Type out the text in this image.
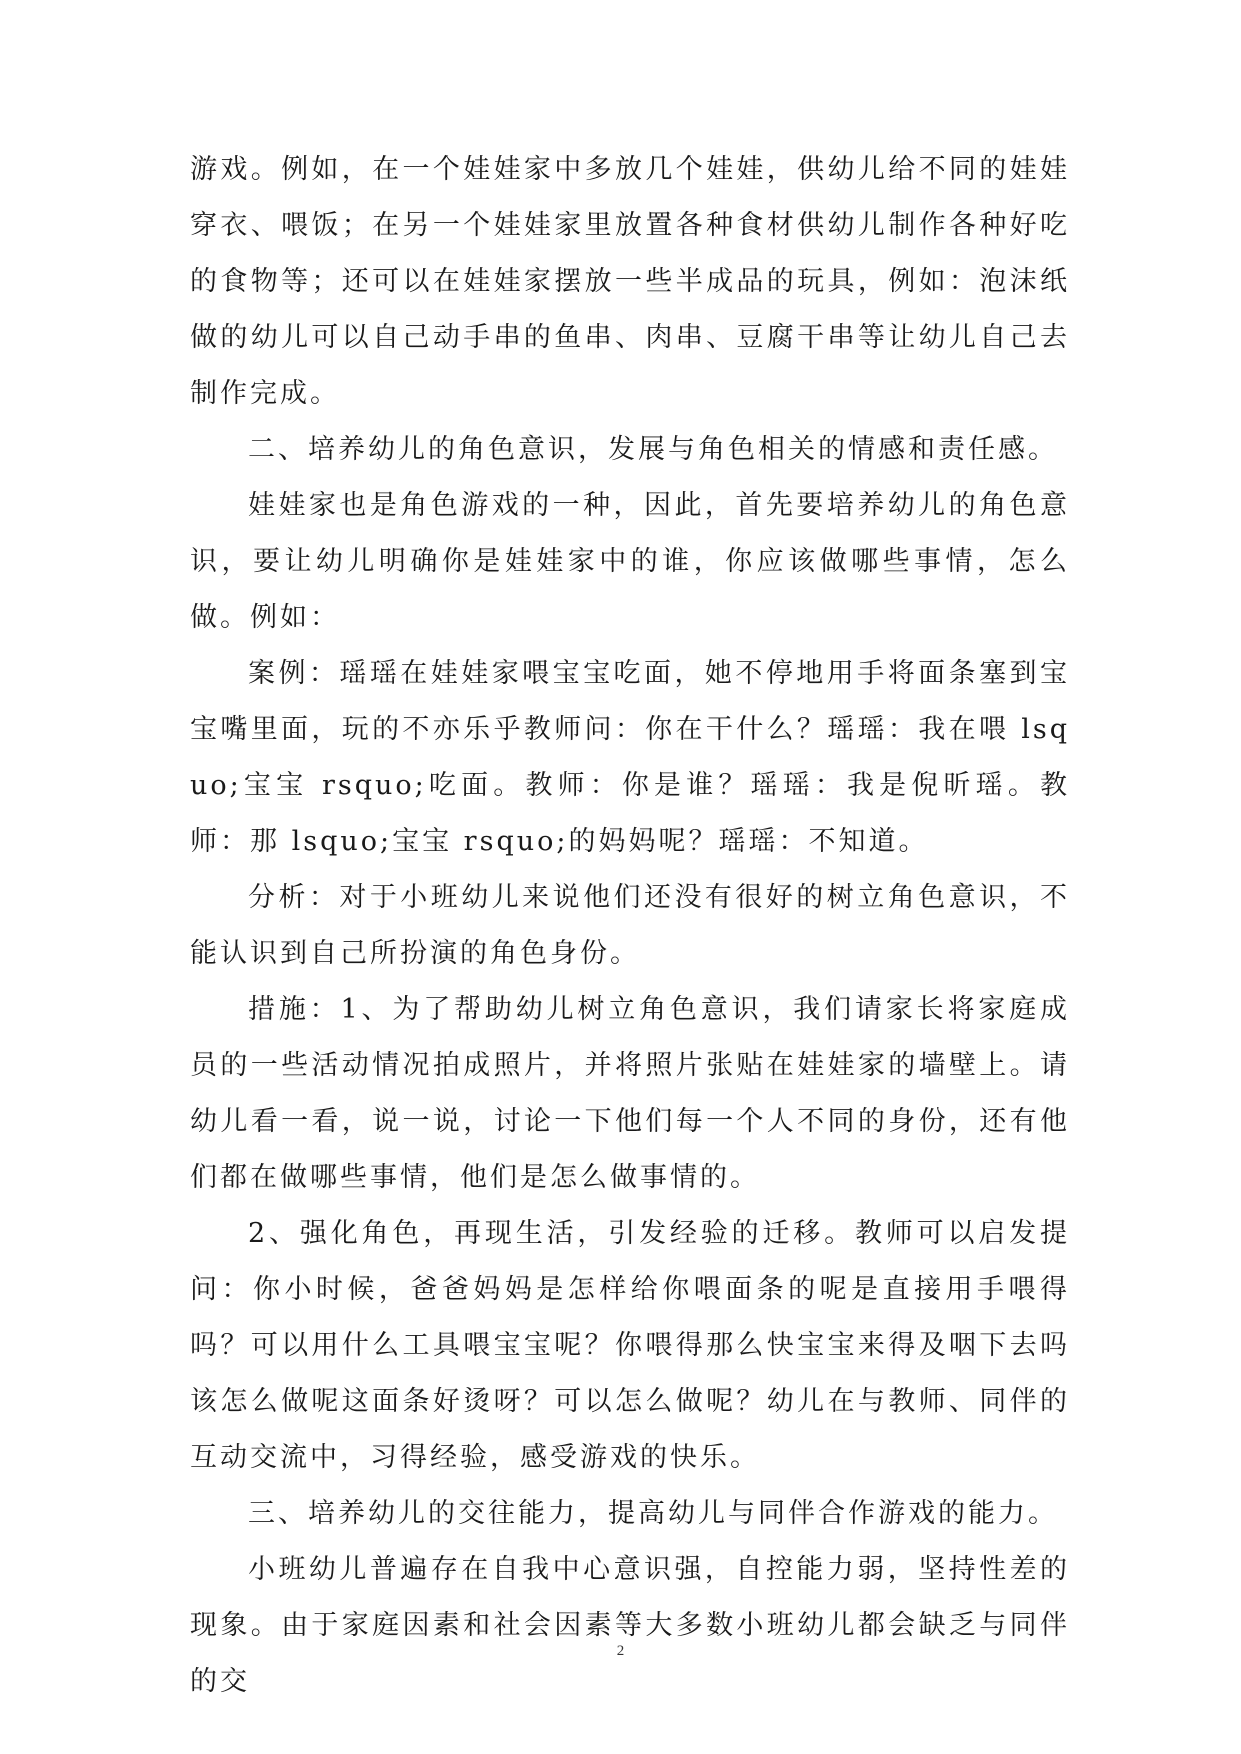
游戏。例如，在一个娃娃家中多放几个娃娃，供幼儿给不同的娃娃穿衣、喂饭；在另一个娃娃家里放置各种食材供幼儿制作各种好吃的食物等；还可以在娃娃家摆放一些半成品的玩具，例如：泡沫纸做的幼儿可以自己动手串的鱼串、肉串、豆腐干串等让幼儿自己去制作完成。

二、培养幼儿的角色意识，发展与角色相关的情感和责任感。

娃娃家也是角色游戏的一种，因此，首先要培养幼儿的角色意识，要让幼儿明确你是娃娃家中的谁，你应该做哪些事情，怎么做。例如：

案例：瑶瑶在娃娃家喂宝宝吃面，她不停地用手将面条塞到宝宝嘴里面，玩的不亦乐乎教师问：你在干什么？瑶瑶：我在喂 lsquo;宝宝 rsquo;吃面。教师：你是谁？瑶瑶：我是倪昕瑶。教师：那 lsquo;宝宝 rsquo;的妈妈呢？瑶瑶：不知道。

分析：对于小班幼儿来说他们还没有很好的树立角色意识，不能认识到自己所扮演的角色身份。

措施：1、为了帮助幼儿树立角色意识，我们请家长将家庭成员的一些活动情况拍成照片，并将照片张贴在娃娃家的墙壁上。请幼儿看一看，说一说，讨论一下他们每一个人不同的身份，还有他们都在做哪些事情，他们是怎么做事情的。

2、强化角色，再现生活，引发经验的迁移。教师可以启发提问：你小时候，爸爸妈妈是怎样给你喂面条的呢是直接用手喂得吗？可以用什么工具喂宝宝呢？你喂得那么快宝宝来得及咽下去吗该怎么做呢这面条好烫呀？可以怎么做呢？幼儿在与教师、同伴的互动交流中，习得经验，感受游戏的快乐。

三、培养幼儿的交往能力，提高幼儿与同伴合作游戏的能力。

小班幼儿普遍存在自我中心意识强，自控能力弱，坚持性差的现象。由于家庭因素和社会因素等大多数小班幼儿都会缺乏与同伴的交

2
